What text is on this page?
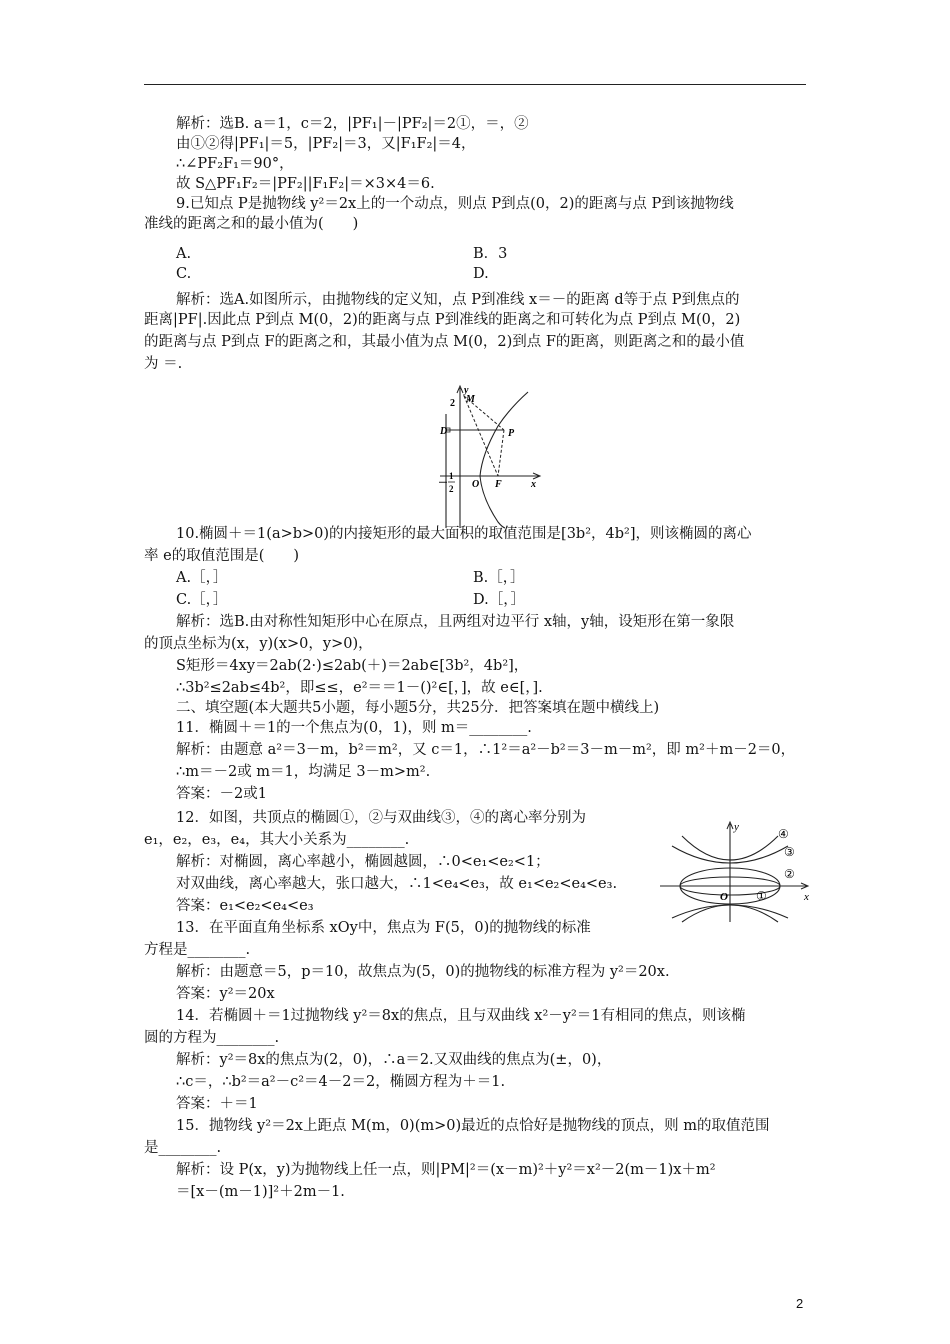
解析：选B. a＝1，c＝2，|PF₁|－|PF₂|＝2①，＝，②
由①②得|PF₁|＝5，|PF₂|＝3，又|F₁F₂|＝4，
∴∠PF₂F₁＝90°，
故 S△PF₁F₂＝|PF₂||F₁F₂|＝×3×4＝6.
9.已知点 P是抛物线 y²＝2x上的一个动点，则点 P到点(0，2)的距离与点 P到该抛物线
准线的距离之和的最小值为(　　)
A.	B．3
C.	D.
解析：选A.如图所示，由抛物线的定义知，点 P到准线 x＝－的距离 d等于点 P到焦点的
距离|PF|.因此点 P到点 M(0，2)的距离与点 P到准线的距离之和可转化为点 P到点 M(0，2)
的距离与点 P到点 F的距离之和，其最小值为点 M(0，2)到点 F的距离，则距离之和的最小值
为 ＝.
10.椭圆＋＝1(a>b>0)的内接矩形的最大面积的取值范围是[3b²，4b²]，则该椭圆的离心
率 e的取值范围是(　　)
A.［，］	B.［，］
C.［，］	D.［，］
解析：选B.由对称性知矩形中心在原点，且两组对边平行 x轴，y轴，设矩形在第一象限
的顶点坐标为(x，y)(x>0，y>0)，
S矩形＝4xy＝2ab(2·)≤2ab(＋)＝2ab∈[3b²，4b²]，
∴3b²≤2ab≤4b²，即≤≤，e²＝＝1－()²∈[，]，故 e∈[，].
二、填空题(本大题共5小题，每小题5分，共25分．把答案填在题中横线上)
11．椭圆＋＝1的一个焦点为(0，1)，则 m＝________.
解析：由题意 a²＝3－m，b²＝m²，又 c＝1，∴1²＝a²－b²＝3－m－m²，即 m²＋m－2＝0，
∴m＝－2或 m＝1，均满足 3－m>m².
答案：－2或1
12．如图，共顶点的椭圆①，②与双曲线③，④的离心率分别为
e₁，e₂，e₃，e₄，其大小关系为________.
解析：对椭圆，离心率越小，椭圆越圆，∴0<e₁<e₂<1；
对双曲线，离心率越大，张口越大，∴1<e₄<e₃，故 e₁<e₂<e₄<e₃.
答案：e₁<e₂<e₄<e₃
13．在平面直角坐标系 xOy中，焦点为 F(5，0)的抛物线的标准
方程是________.
解析：由题意＝5，p＝10，故焦点为(5，0)的抛物线的标准方程为 y²＝20x.
答案：y²＝20x
14．若椭圆＋＝1过抛物线 y²＝8x的焦点，且与双曲线 x²－y²＝1有相同的焦点，则该椭
圆的方程为________.
解析：y²＝8x的焦点为(2，0)，∴a＝2.又双曲线的焦点为(±，0)，
∴c＝，∴b²＝a²－c²＝4－2＝2，椭圆方程为＋＝1.
答案：＋＝1
15．抛物线 y²＝2x上距点 M(m，0)(m>0)最近的点恰好是抛物线的顶点，则 m的取值范围
是________.
解析：设 P(x，y)为抛物线上任一点，则|PM|²＝(x－m)²＋y²＝x²－2(m－1)x＋m²
＝[x－(m－1)]²＋2m－1.
y
2 M
D	P
－
1
2 O F	x
y
x
O
④
③
②
①
2
